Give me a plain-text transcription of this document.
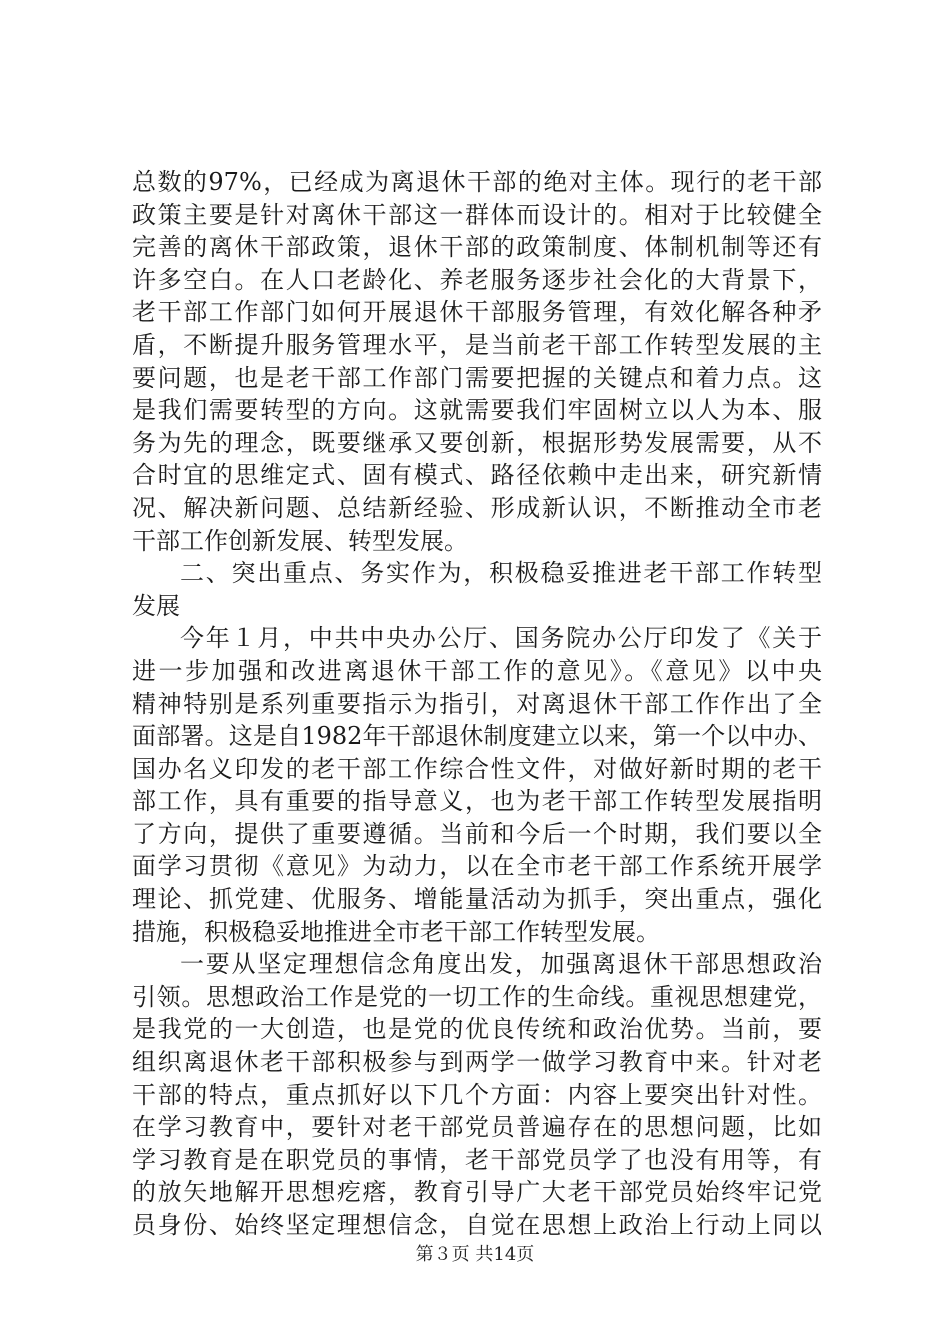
总数的97%，已经成为离退休干部的绝对主体。现行的老干部
政策主要是针对离休干部这一群体而设计的。相对于比较健全
完善的离休干部政策，退休干部的政策制度、体制机制等还有
许多空白。在人口老龄化、养老服务逐步社会化的大背景下，
老干部工作部门如何开展退休干部服务管理，有效化解各种矛
盾，不断提升服务管理水平，是当前老干部工作转型发展的主
要问题，也是老干部工作部门需要把握的关键点和着力点。这
是我们需要转型的方向。这就需要我们牢固树立以人为本、服
务为先的理念，既要继承又要创新，根据形势发展需要，从不
合时宜的思维定式、固有模式、路径依赖中走出来，研究新情
况、解决新问题、总结新经验、形成新认识，不断推动全市老
干部工作创新发展、转型发展。
二、突出重点、务实作为，积极稳妥推进老干部工作转型
发展
今年１月，中共中央办公厅、国务院办公厅印发了《关于
进一步加强和改进离退休干部工作的意见》。《意见》以中央
精神特别是系列重要指示为指引，对离退休干部工作作出了全
面部署。这是自1982年干部退休制度建立以来，第一个以中办、
国办名义印发的老干部工作综合性文件，对做好新时期的老干
部工作，具有重要的指导意义，也为老干部工作转型发展指明
了方向，提供了重要遵循。当前和今后一个时期，我们要以全
面学习贯彻《意见》为动力，以在全市老干部工作系统开展学
理论、抓党建、优服务、增能量活动为抓手，突出重点，强化
措施，积极稳妥地推进全市老干部工作转型发展。
一要从坚定理想信念角度出发，加强离退休干部思想政治
引领。思想政治工作是党的一切工作的生命线。重视思想建党，
是我党的一大创造，也是党的优良传统和政治优势。当前，要
组织离退休老干部积极参与到两学一做学习教育中来。针对老
干部的特点，重点抓好以下几个方面：内容上要突出针对性。
在学习教育中，要针对老干部党员普遍存在的思想问题，比如
学习教育是在职党员的事情，老干部党员学了也没有用等，有
的放矢地解开思想疙瘩，教育引导广大老干部党员始终牢记党
员身份、始终坚定理想信念，自觉在思想上政治上行动上同以
第３页 共14页
